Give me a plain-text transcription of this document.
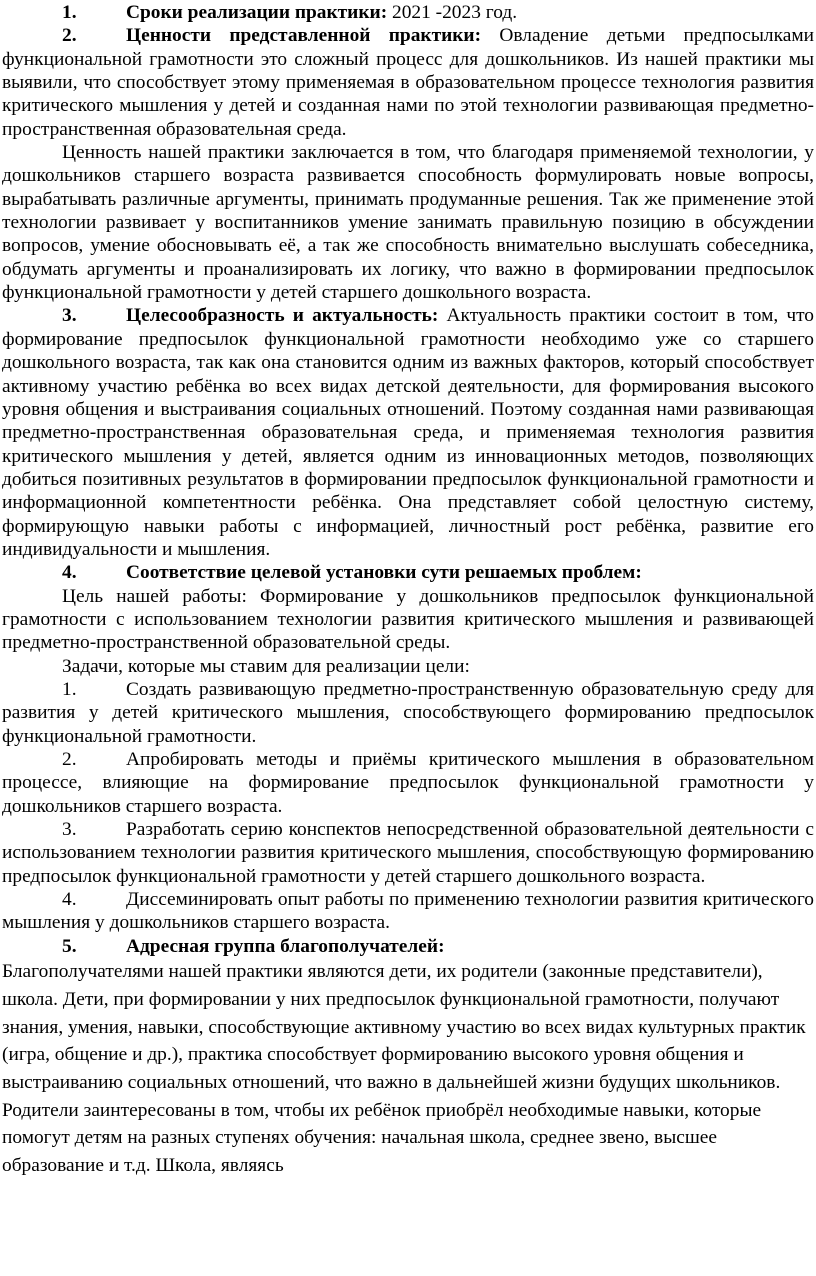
1.	Сроки реализации практики: 2021 -2023 год.

2.	Ценности представленной практики: Овладение детьми предпосылками функциональной грамотности это сложный процесс для дошкольников. Из нашей практики мы выявили, что способствует этому применяемая в образовательном процессе технология развития критического мышления у детей и созданная нами по этой технологии развивающая предметно-пространственная образовательная среда.

Ценность нашей практики заключается в том, что благодаря применяемой технологии, у дошкольников старшего возраста развивается способность формулировать новые вопросы, вырабатывать различные аргументы, принимать продуманные решения. Так же применение этой технологии развивает у воспитанников умение занимать правильную позицию в обсуждении вопросов, умение обосновывать её, а так же способность внимательно выслушать собеседника, обдумать аргументы и проанализировать их логику, что важно в формировании предпосылок функциональной грамотности у детей старшего дошкольного возраста.

3.	Целесообразность и актуальность: Актуальность практики состоит в том, что формирование предпосылок функциональной грамотности необходимо уже со старшего дошкольного возраста, так как она становится одним из важных факторов, который способствует активному участию ребёнка во всех видах детской деятельности, для формирования высокого уровня общения и выстраивания социальных отношений. Поэтому созданная нами развивающая предметно-пространственная образовательная среда, и применяемая технология развития критического мышления у детей, является одним из инновационных методов, позволяющих добиться позитивных результатов в формировании предпосылок функциональной грамотности и информационной компетентности ребёнка. Она представляет собой целостную систему, формирующую навыки работы с информацией, личностный рост ребёнка, развитие его индивидуальности и мышления.

4.	Соответствие целевой установки сути решаемых проблем:

Цель нашей работы: Формирование у дошкольников предпосылок функциональной грамотности с использованием технологии развития критического мышления и развивающей предметно-пространственной образовательной среды.

Задачи, которые мы ставим для реализации цели:

1.	Создать развивающую предметно-пространственную образовательную среду для развития у детей критического мышления, способствующего формированию предпосылок функциональной грамотности.

2.	Апробировать методы и приёмы критического мышления в образовательном процессе, влияющие на формирование предпосылок функциональной грамотности у дошкольников старшего возраста.

3.	Разработать серию конспектов непосредственной образовательной деятельности с использованием технологии развития критического мышления, способствующую формированию предпосылок функциональной грамотности у детей старшего дошкольного возраста.

4.	Диссеминировать опыт работы по применению технологии развития критического мышления у дошкольников старшего возраста.

5.	Адресная группа благополучателей:

Благополучателями нашей практики являются дети, их родители (законные представители), школа. Дети, при формировании у них предпосылок функциональной грамотности, получают знания, умения, навыки, способствующие активному участию во всех видах культурных практик (игра, общение и др.), практика способствует формированию высокого уровня общения и выстраиванию социальных отношений, что важно в дальнейшей жизни будущих школьников. Родители заинтересованы в том, чтобы их ребёнок приобрёл необходимые навыки, которые помогут детям на разных ступенях обучения: начальная школа, среднее звено, высшее образование и т.д. Школа, являясь
